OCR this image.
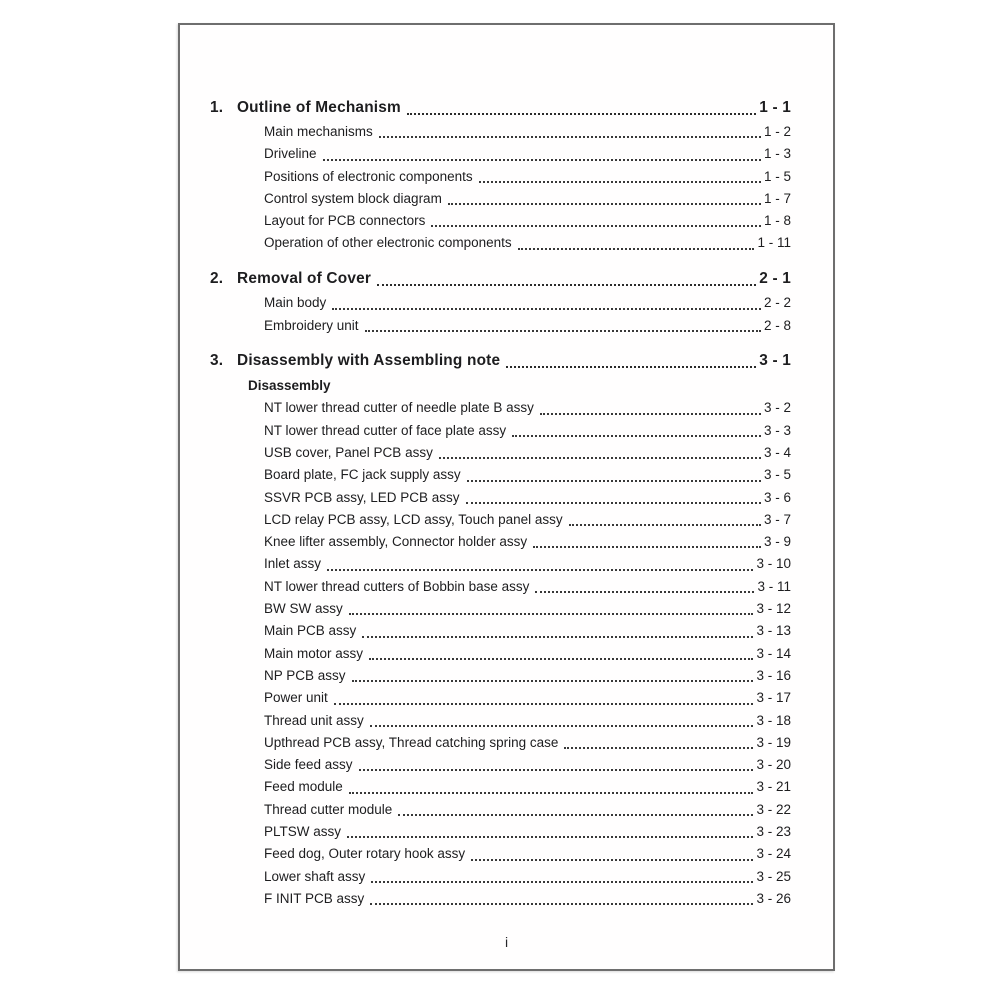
1. Outline of Mechanism	1 - 1
Main mechanisms	1 - 2
Driveline	1 - 3
Positions of electronic components	1 - 5
Control system block diagram	1 - 7
Layout for PCB connectors	1 - 8
Operation of other electronic components	1 - 11
2. Removal of Cover	2 - 1
Main body	2 - 2
Embroidery unit	2 - 8
3. Disassembly with Assembling note	3 - 1
Disassembly
NT lower thread cutter of needle plate B assy	3 - 2
NT lower thread cutter of face plate assy	3 - 3
USB cover, Panel PCB assy	3 - 4
Board plate, FC jack supply assy	3 - 5
SSVR PCB assy, LED PCB assy	3 - 6
LCD relay PCB assy, LCD assy, Touch panel assy	3 - 7
Knee lifter assembly, Connector holder assy	3 - 9
Inlet assy	3 - 10
NT lower thread cutters of Bobbin base assy	3 - 11
BW SW assy	3 - 12
Main PCB assy	3 - 13
Main motor assy	3 - 14
NP PCB assy	3 - 16
Power unit	3 - 17
Thread unit assy	3 - 18
Upthread PCB assy, Thread catching spring case	3 - 19
Side feed assy	3 - 20
Feed module	3 - 21
Thread cutter module	3 - 22
PLTSW assy	3 - 23
Feed dog, Outer rotary hook assy	3 - 24
Lower shaft assy	3 - 25
F INIT PCB assy	3 - 26
i
